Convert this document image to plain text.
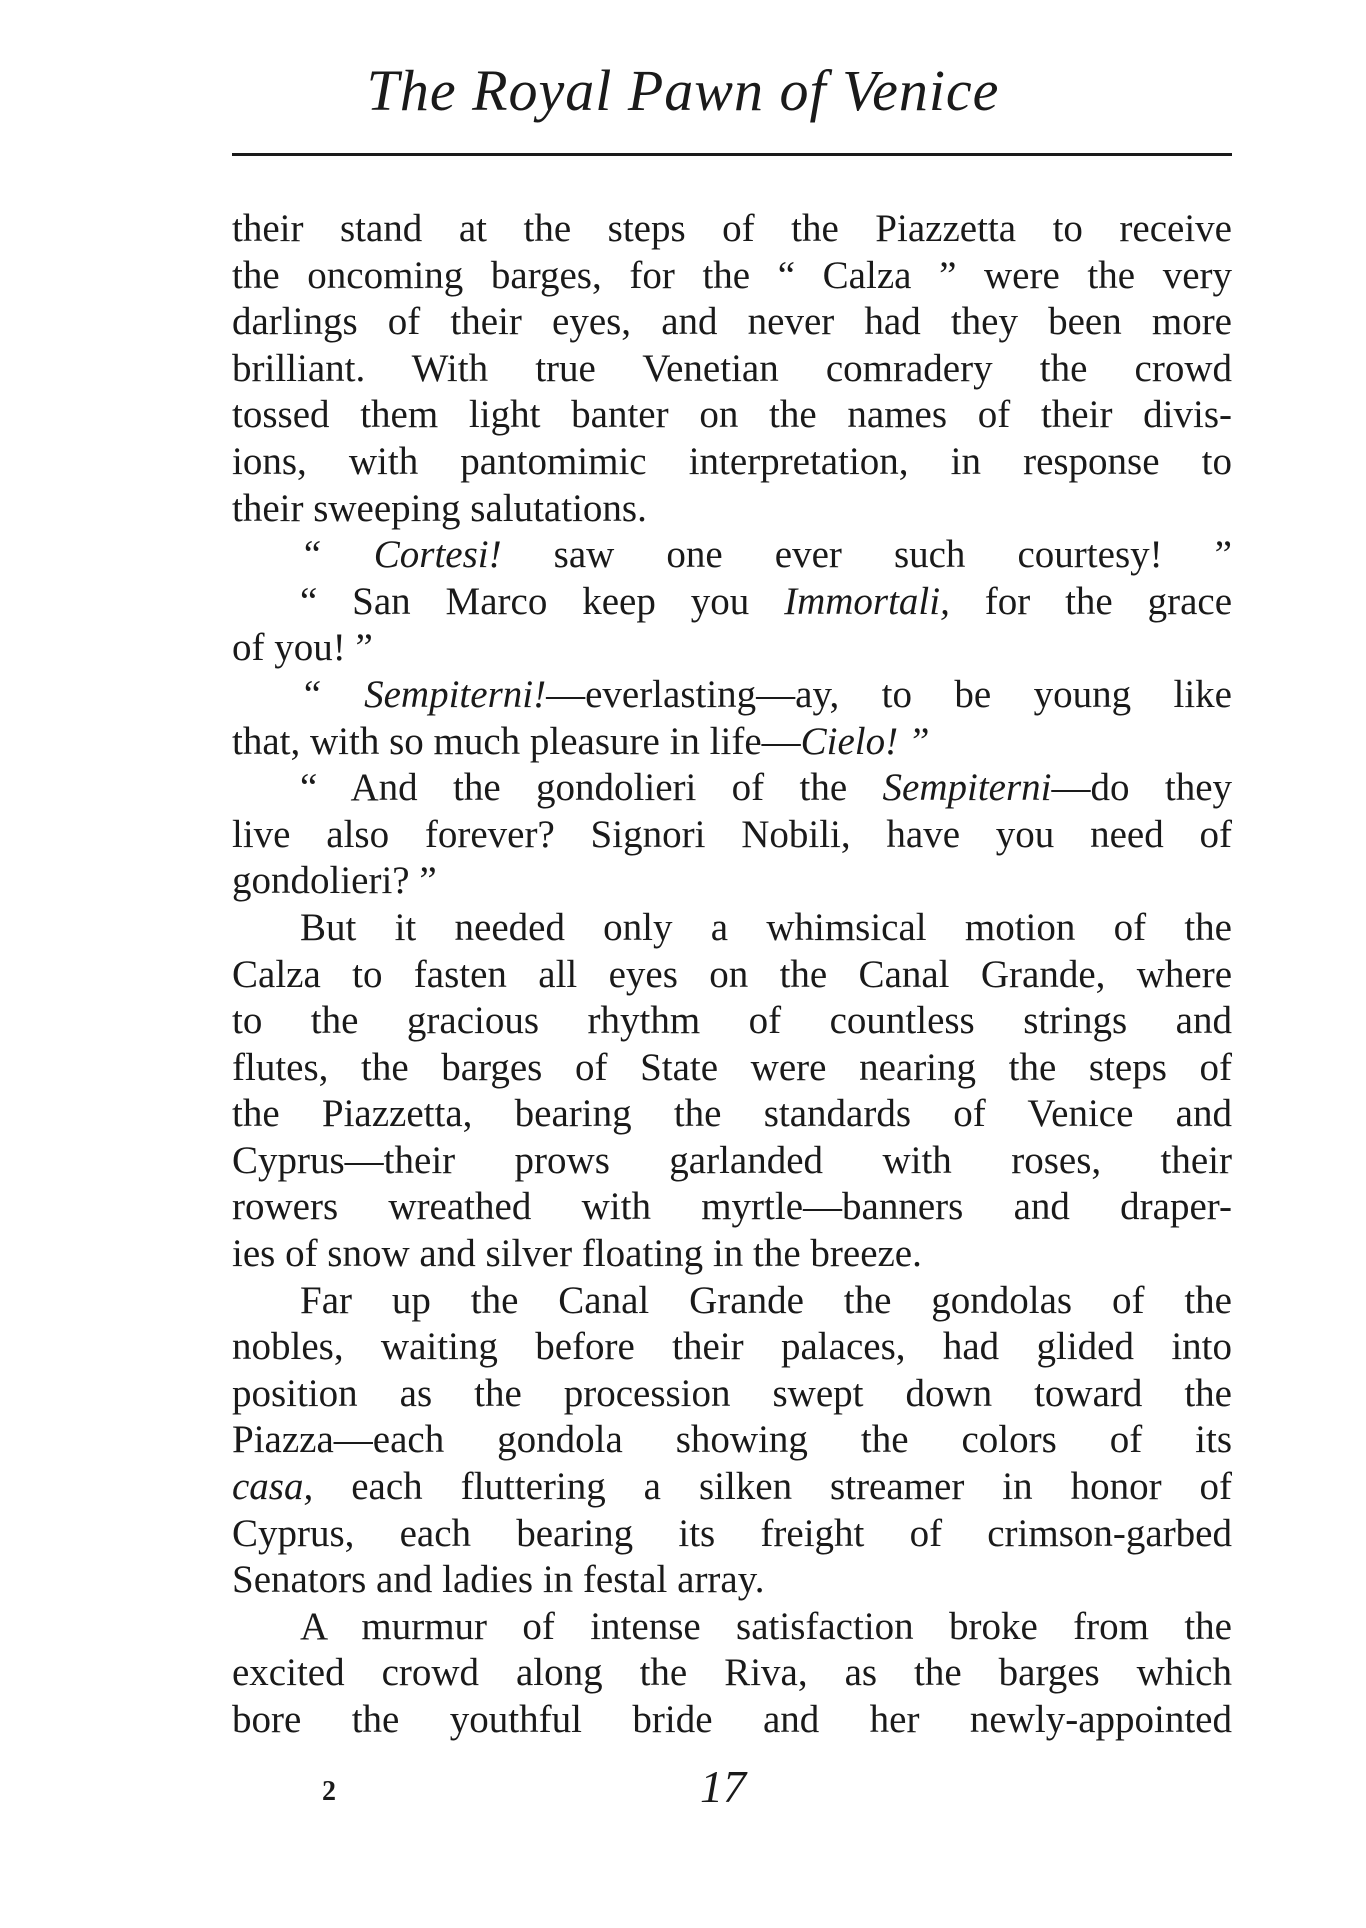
The Royal Pawn of Venice
their stand at the steps of the Piazzetta to receive
the oncoming barges, for the “ Calza ” were the very
darlings of their eyes, and never had they been more
brilliant. With true Venetian comradery the crowd
tossed them light banter on the names of their divis-
ions, with pantomimic interpretation, in response to
their sweeping salutations.
“ Cortesi! saw one ever such courtesy! ”
“ San Marco keep you Immortali, for the grace
of you! ”
“ Sempiterni!—everlasting—ay, to be young like
that, with so much pleasure in life—Cielo! ”
“ And the gondolieri of the Sempiterni—do they
live also forever? Signori Nobili, have you need of
gondolieri? ”
But it needed only a whimsical motion of the
Calza to fasten all eyes on the Canal Grande, where
to the gracious rhythm of countless strings and
flutes, the barges of State were nearing the steps of
the Piazzetta, bearing the standards of Venice and
Cyprus—their prows garlanded with roses, their
rowers wreathed with myrtle—banners and draper-
ies of snow and silver floating in the breeze.
Far up the Canal Grande the gondolas of the
nobles, waiting before their palaces, had glided into
position as the procession swept down toward the
Piazza—each gondola showing the colors of its
casa, each fluttering a silken streamer in honor of
Cyprus, each bearing its freight of crimson-garbed
Senators and ladies in festal array.
A murmur of intense satisfaction broke from the
excited crowd along the Riva, as the barges which
bore the youthful bride and her newly-appointed
2	17
